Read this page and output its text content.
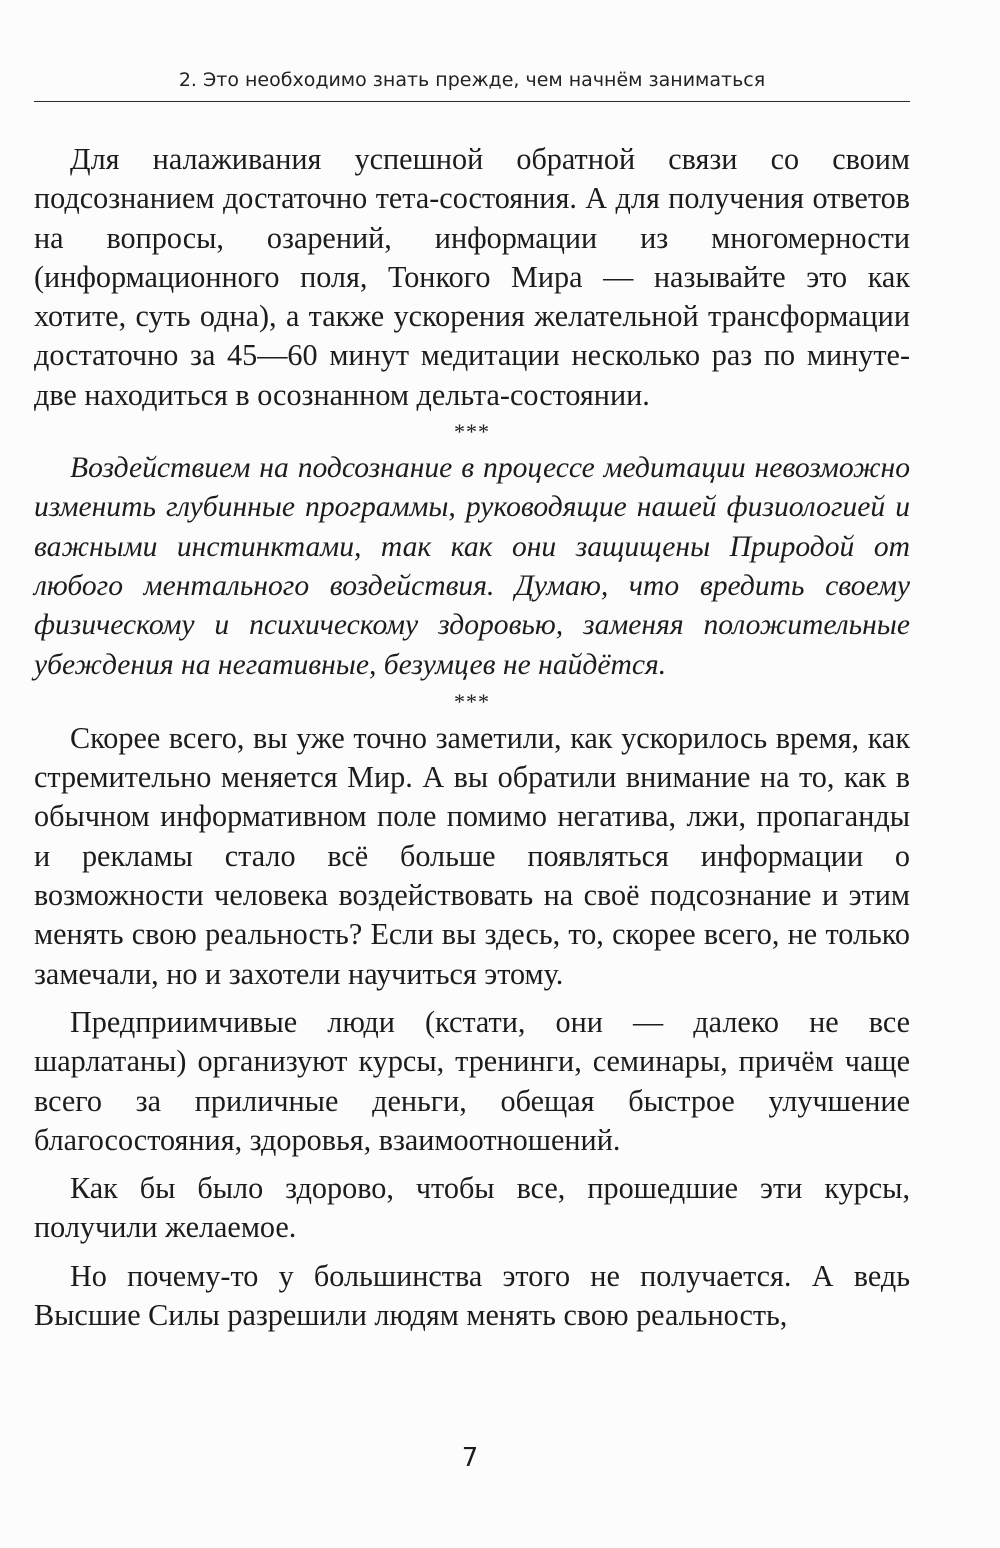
2. Это необходимо знать прежде, чем начнём заниматься

Для налаживания успешной обратной связи со своим подсознанием достаточно тета-состояния. А для получения ответов на вопросы, озарений, информации из многомерности (информационного поля, Тонкого Мира — называйте это как хотите, суть одна), а также ускорения желательной трансформации достаточно за 45—60 минут медитации несколько раз по минуте-две находиться в осознанном дельта-состоянии.

***

Воздействием на подсознание в процессе медитации невозможно изменить глубинные программы, руководящие нашей физиологией и важными инстинктами, так как они защищены Природой от любого ментального воздействия. Думаю, что вредить своему физическому и психическому здоровью, заменяя положительные убеждения на негативные, безумцев не найдётся.

***

Скорее всего, вы уже точно заметили, как ускорилось время, как стремительно меняется Мир. А вы обратили внимание на то, как в обычном информативном поле помимо негатива, лжи, пропаганды и рекламы стало всё больше появляться информации о возможности человека воздействовать на своё подсознание и этим менять свою реальность? Если вы здесь, то, скорее всего, не только замечали, но и захотели научиться этому.

Предприимчивые люди (кстати, они — далеко не все шарлатаны) организуют курсы, тренинги, семинары, причём чаще всего за приличные деньги, обещая быстрое улучшение благосостояния, здоровья, взаимоотношений.

Как бы было здорово, чтобы все, прошедшие эти курсы, получили желаемое.

Но почему-то у большинства этого не получается. А ведь Высшие Силы разрешили людям менять свою реальность,

7
